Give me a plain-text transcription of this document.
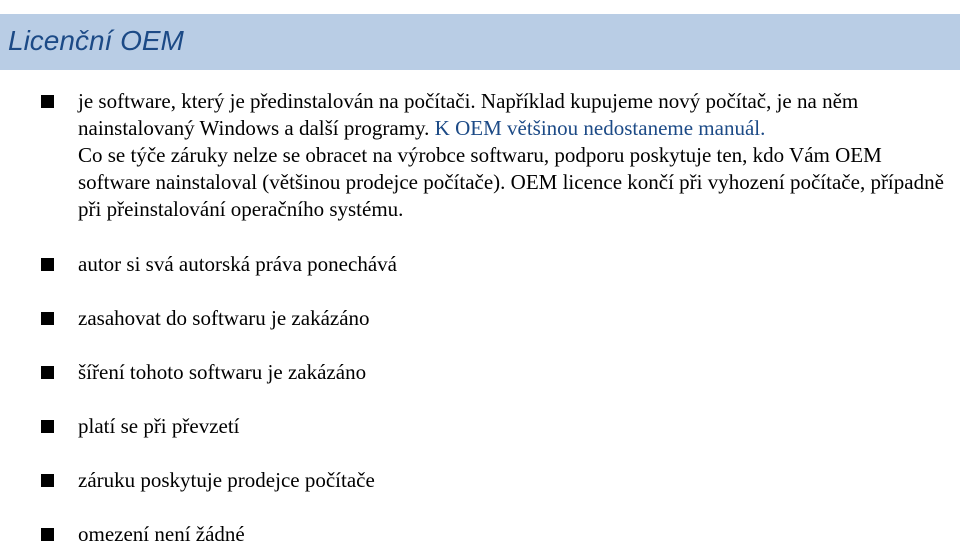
Licenční OEM
je software, který je předinstalován na počítači. Například kupujeme nový počítač, je na něm nainstalovaný Windows a další programy. K OEM většinou nedostaneme manuál.
Co se týče záruky nelze se obracet na výrobce softwaru, podporu poskytuje ten, kdo Vám OEM software nainstaloval (většinou prodejce počítače). OEM licence končí při vyhození počítače, případně při přeinstalování operačního systému.
autor si svá autorská práva ponechává
zasahovat do softwaru je zakázáno
šíření tohoto softwaru je zakázáno
platí se při převzetí
záruku poskytuje prodejce počítače
omezení není žádné
